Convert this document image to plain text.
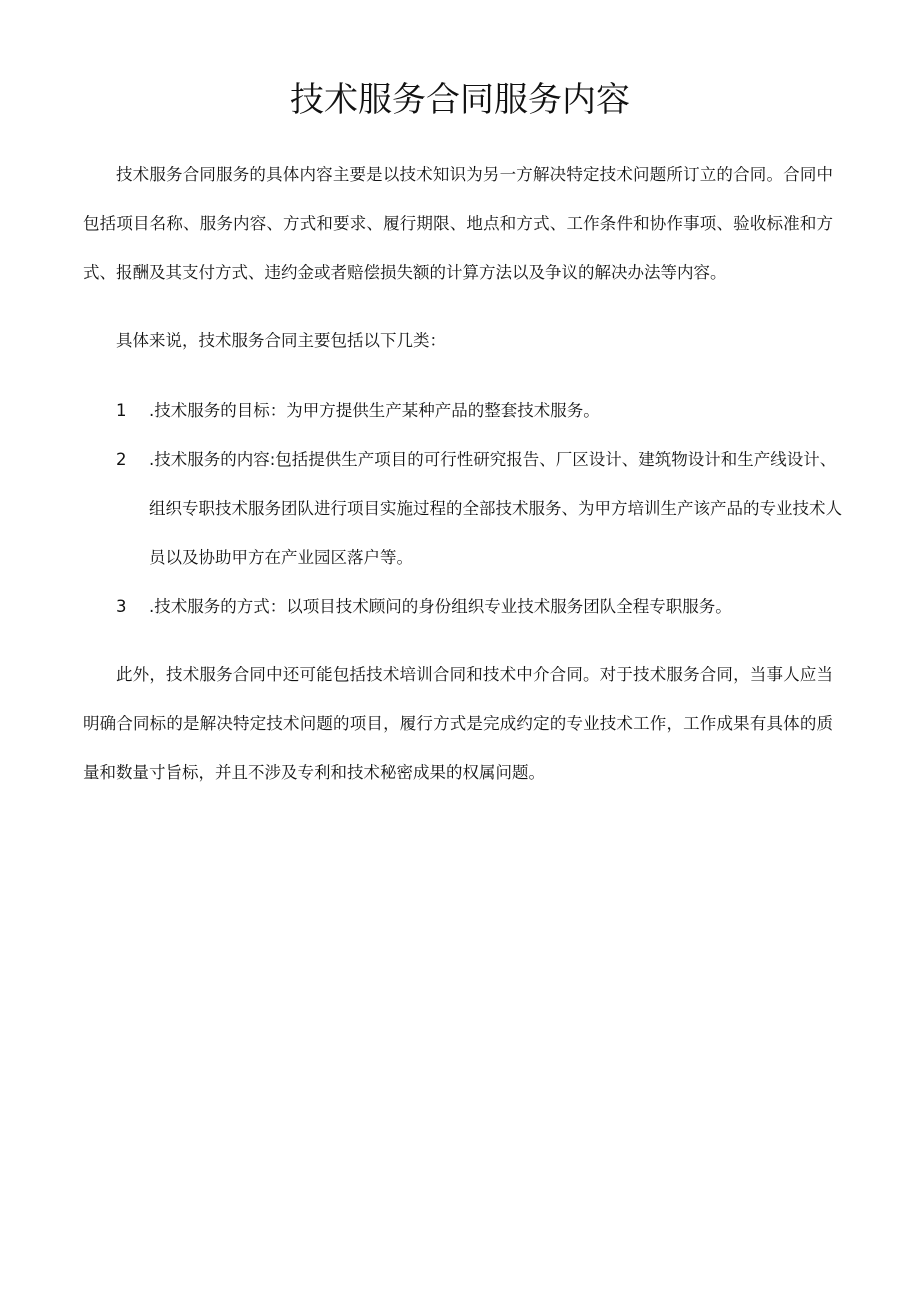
技术服务合同服务内容

技术服务合同服务的具体内容主要是以技术知识为另一方解决特定技术问题所订立的合同。合同中包括项目名称、服务内容、方式和要求、履行期限、地点和方式、工作条件和协作事项、验收标准和方式、报酬及其支付方式、违约金或者赔偿损失额的计算方法以及争议的解决办法等内容。

具体来说，技术服务合同主要包括以下几类：

1 .技术服务的目标：为甲方提供生产某种产品的整套技术服务。
2 .技术服务的内容:包括提供生产项目的可行性研究报告、厂区设计、建筑物设计和生产线设计、组织专职技术服务团队进行项目实施过程的全部技术服务、为甲方培训生产该产品的专业技术人员以及协助甲方在产业园区落户等。
3 .技术服务的方式：以项目技术顾问的身份组织专业技术服务团队全程专职服务。

此外，技术服务合同中还可能包括技术培训合同和技术中介合同。对于技术服务合同，当事人应当明确合同标的是解决特定技术问题的项目，履行方式是完成约定的专业技术工作，工作成果有具体的质量和数量寸旨标，并且不涉及专利和技术秘密成果的权属问题。
